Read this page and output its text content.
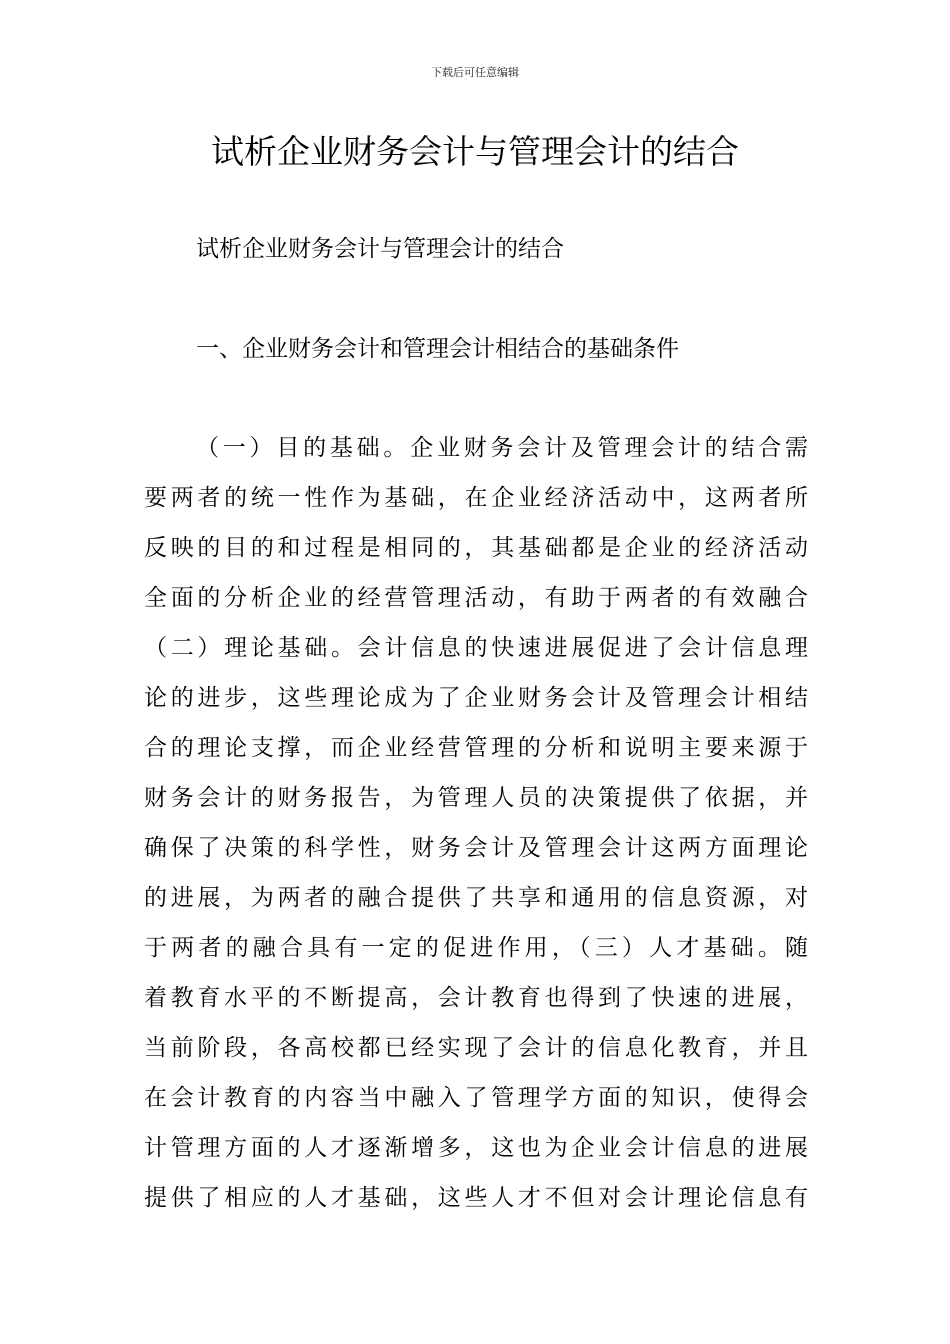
下载后可任意编辑
试析企业财务会计与管理会计的结合
试析企业财务会计与管理会计的结合
一、企业财务会计和管理会计相结合的基础条件
（一）目的基础。企业财务会计及管理会计的结合需
要两者的统一性作为基础，在企业经济活动中，这两者所
反映的目的和过程是相同的，其基础都是企业的经济活动
全面的分析企业的经营管理活动，有助于两者的有效融合
（二）理论基础。会计信息的快速进展促进了会计信息理
论的进步，这些理论成为了企业财务会计及管理会计相结
合的理论支撑，而企业经营管理的分析和说明主要来源于
财务会计的财务报告，为管理人员的决策提供了依据，并
确保了决策的科学性，财务会计及管理会计这两方面理论
的进展，为两者的融合提供了共享和通用的信息资源，对
于两者的融合具有一定的促进作用，（三）人才基础。随
着教育水平的不断提高，会计教育也得到了快速的进展，
当前阶段，各高校都已经实现了会计的信息化教育，并且
在会计教育的内容当中融入了管理学方面的知识，使得会
计管理方面的人才逐渐增多，这也为企业会计信息的进展
提供了相应的人才基础，这些人才不但对会计理论信息有
